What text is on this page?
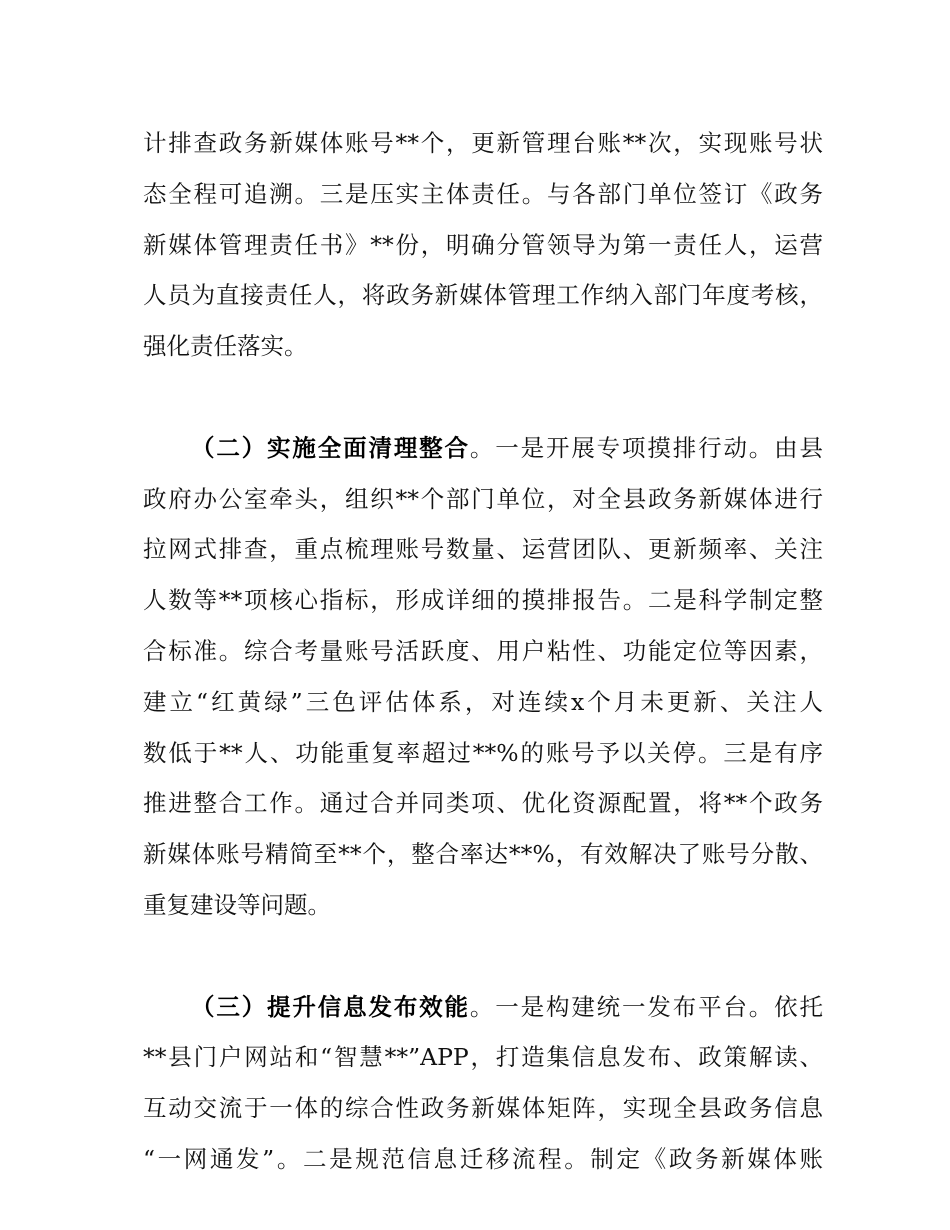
计排查政务新媒体账号**个，更新管理台账**次，实现账号状
态全程可追溯。三是压实主体责任。与各部门单位签订《政务
新媒体管理责任书》**份，明确分管领导为第一责任人，运营
人员为直接责任人，将政务新媒体管理工作纳入部门年度考核，
强化责任落实。
（二）实施全面清理整合。一是开展专项摸排行动。由县
政府办公室牵头，组织**个部门单位，对全县政务新媒体进行
拉网式排查，重点梳理账号数量、运营团队、更新频率、关注
人数等**项核心指标，形成详细的摸排报告。二是科学制定整
合标准。综合考量账号活跃度、用户粘性、功能定位等因素，
建立“红黄绿”三色评估体系，对连续x个月未更新、关注人
数低于**人、功能重复率超过**%的账号予以关停。三是有序
推进整合工作。通过合并同类项、优化资源配置，将**个政务
新媒体账号精简至**个，整合率达**%，有效解决了账号分散、
重复建设等问题。
（三）提升信息发布效能。一是构建统一发布平台。依托
**县门户网站和“智慧**”APP，打造集信息发布、政策解读、
互动交流于一体的综合性政务新媒体矩阵，实现全县政务信息
“一网通发”。二是规范信息迁移流程。制定《政务新媒体账
